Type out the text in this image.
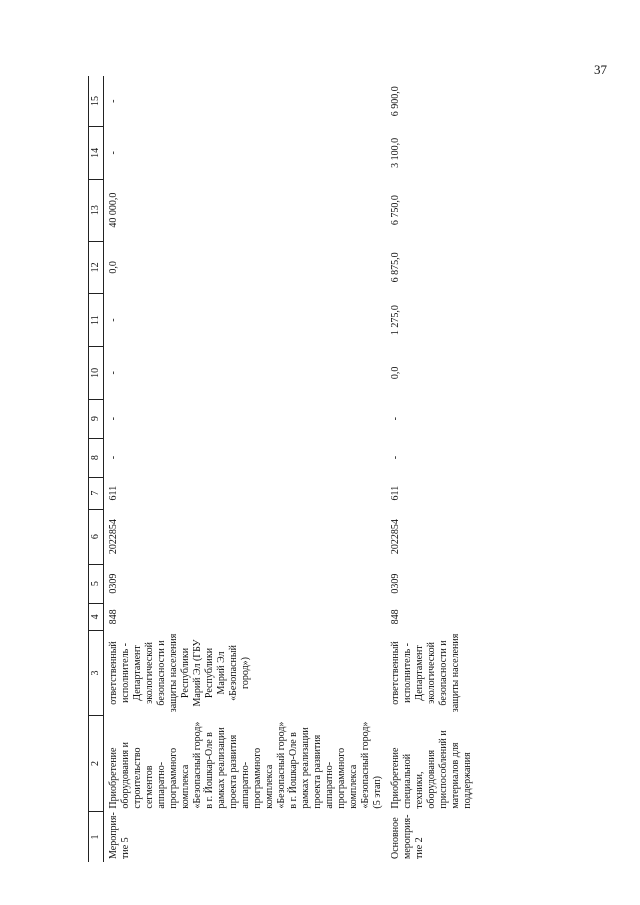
37
1	2	3	4	5	6	7	8	9	10	11	12	13	14	15
Мероприя-тие 5	Приобретение оборудования и строительство сегментов аппаратно-программного комплекса «Безопасный город» в г. Йошкар-Оле в рамках реализации проекта развития аппаратно-программного комплекса «Безопасный город» в г. Йошкар-Оле в рамках реализации проекта развития аппаратно-программного комплекса «Безопасный город» (5 этап)	ответственный исполнитель - Департамент экологической безопасности и защиты населения Республики Марий Эл (ГБУ Республики Марий Эл «Безопасный город»)	848	0309	2022854	611	-	-	-	-	0,0	40 000,0	-	-
Основное мероприя-тие 2	Приобретение специальной техники, оборудования приспособлений и материалов для поддержания	ответственный исполнитель - Департамент экологической безопасности и защиты населения	848	0309	2022854	611	-	-	0,0	1 275,0	6 875,0	6 750,0	3 100,0	6 900,0
